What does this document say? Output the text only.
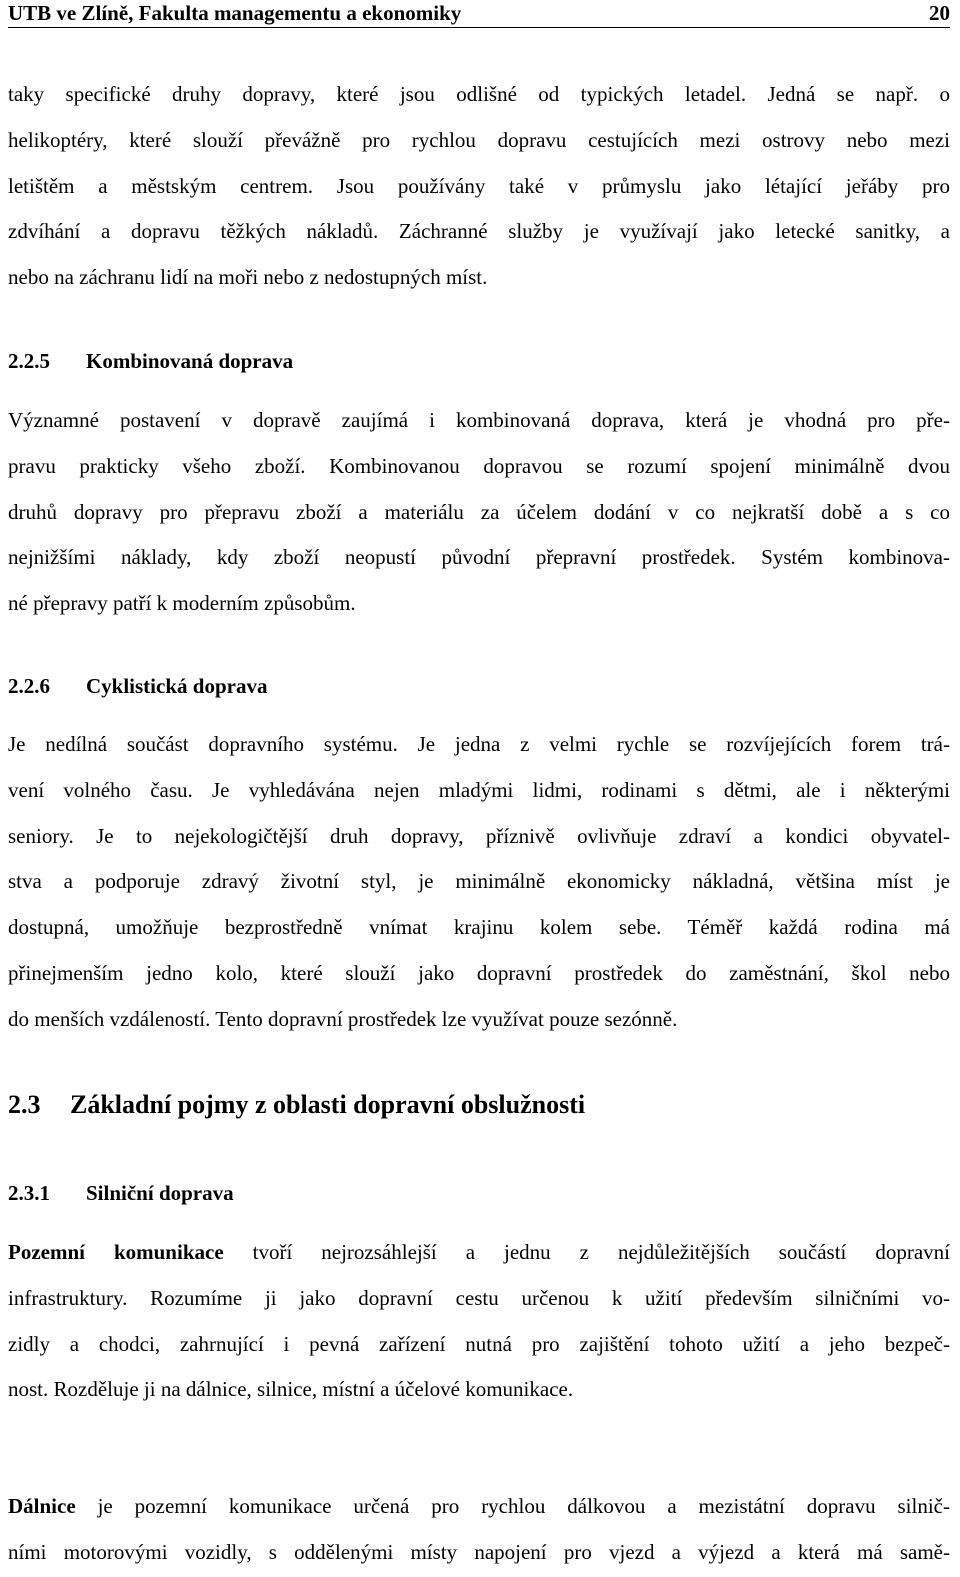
UTB ve Zlíně, Fakulta managementu a ekonomiky	20
taky specifické druhy dopravy, které jsou odlišné od typických letadel. Jedná se např. o
helikoptéry, které slouží převážně pro rychlou dopravu cestujících mezi ostrovy nebo mezi
letištěm a městským centrem. Jsou používány také v průmyslu jako létající jeřáby pro
zdvíhání a dopravu těžkých nákladů. Záchranné služby je využívají jako letecké sanitky, a
nebo na záchranu lidí na moři nebo z nedostupných míst.
2.2.5 Kombinovaná doprava
Významné postavení v dopravě zaujímá i kombinovaná doprava, která je vhodná pro pře-
pravu prakticky všeho zboží. Kombinovanou dopravou se rozumí spojení minimálně dvou
druhů dopravy pro přepravu zboží a materiálu za účelem dodání v co nejkratší době a s co
nejnižšími náklady, kdy zboží neopustí původní přepravní prostředek. Systém kombinova-
né přepravy patří k moderním způsobům.
2.2.6 Cyklistická doprava
Je nedílná součást dopravního systému. Je jedna z velmi rychle se rozvíjejících forem trá-
vení volného času. Je vyhledávána nejen mladými lidmi, rodinami s dětmi, ale i některými
seniory. Je to nejekologičtější druh dopravy, příznivě ovlivňuje zdraví a kondici obyvatel-
stva a podporuje zdravý životní styl, je minimálně ekonomicky nákladná, většina míst je
dostupná, umožňuje bezprostředně vnímat krajinu kolem sebe. Téměř každá rodina má
přinejmenším jedno kolo, které slouží jako dopravní prostředek do zaměstnání, škol nebo
do menších vzdáleností. Tento dopravní prostředek lze využívat pouze sezónně.
2.3 Základní pojmy z oblasti dopravní obslužnosti
2.3.1 Silniční doprava
Pozemní komunikace tvoří nejrozsáhlejší a jednu z nejdůležitějších součástí dopravní
infrastruktury. Rozumíme ji jako dopravní cestu určenou k užití především silničními vo-
zidly a chodci, zahrnující i pevná zařízení nutná pro zajištění tohoto užití a jeho bezpeč-
nost. Rozděluje ji na dálnice, silnice, místní a účelové komunikace.
Dálnice je pozemní komunikace určená pro rychlou dálkovou a mezistátní dopravu silnič-
ními motorovými vozidly, s oddělenými místy napojení pro vjezd a výjezd a která má samě-
